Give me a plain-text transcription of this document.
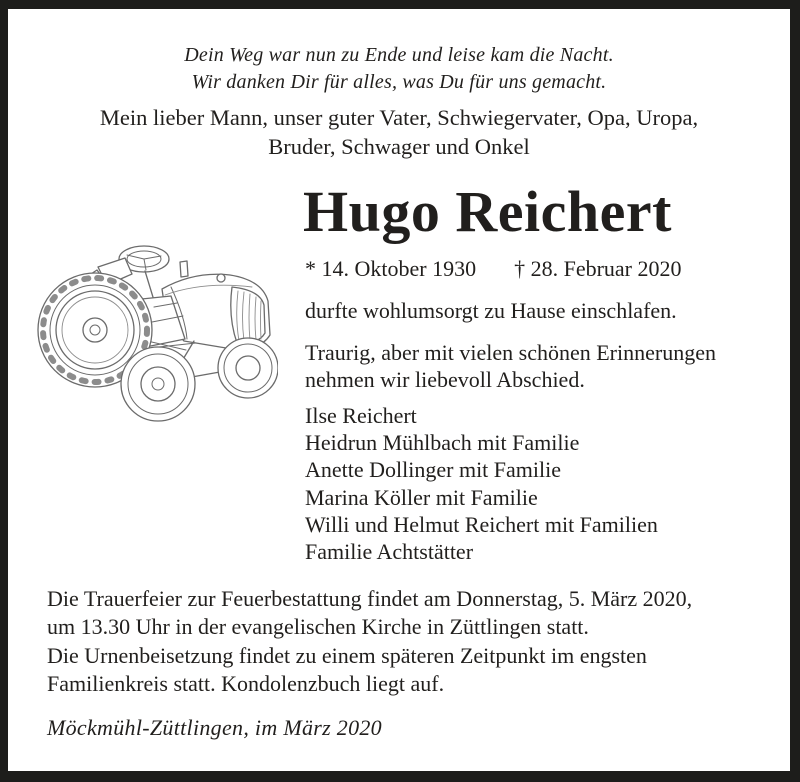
Dein Weg war nun zu Ende und leise kam die Nacht.
Wir danken Dir für alles, was Du für uns gemacht.
Mein lieber Mann, unser guter Vater, Schwiegervater, Opa, Uropa,
Bruder, Schwager und Onkel
Hugo Reichert
* 14. Oktober 1930 † 28. Februar 2020
durfte wohlumsorgt zu Hause einschlafen.
Traurig, aber mit vielen schönen Erinnerungen
nehmen wir liebevoll Abschied.
Ilse Reichert
Heidrun Mühlbach mit Familie
Anette Dollinger mit Familie
Marina Köller mit Familie
Willi und Helmut Reichert mit Familien
Familie Achtstätter
Die Trauerfeier zur Feuerbestattung findet am Donnerstag, 5. März 2020,
um 13.30 Uhr in der evangelischen Kirche in Züttlingen statt.
Die Urnenbeisetzung findet zu einem späteren Zeitpunkt im engsten
Familienkreis statt. Kondolenzbuch liegt auf.
Möckmühl-Züttlingen, im März 2020
